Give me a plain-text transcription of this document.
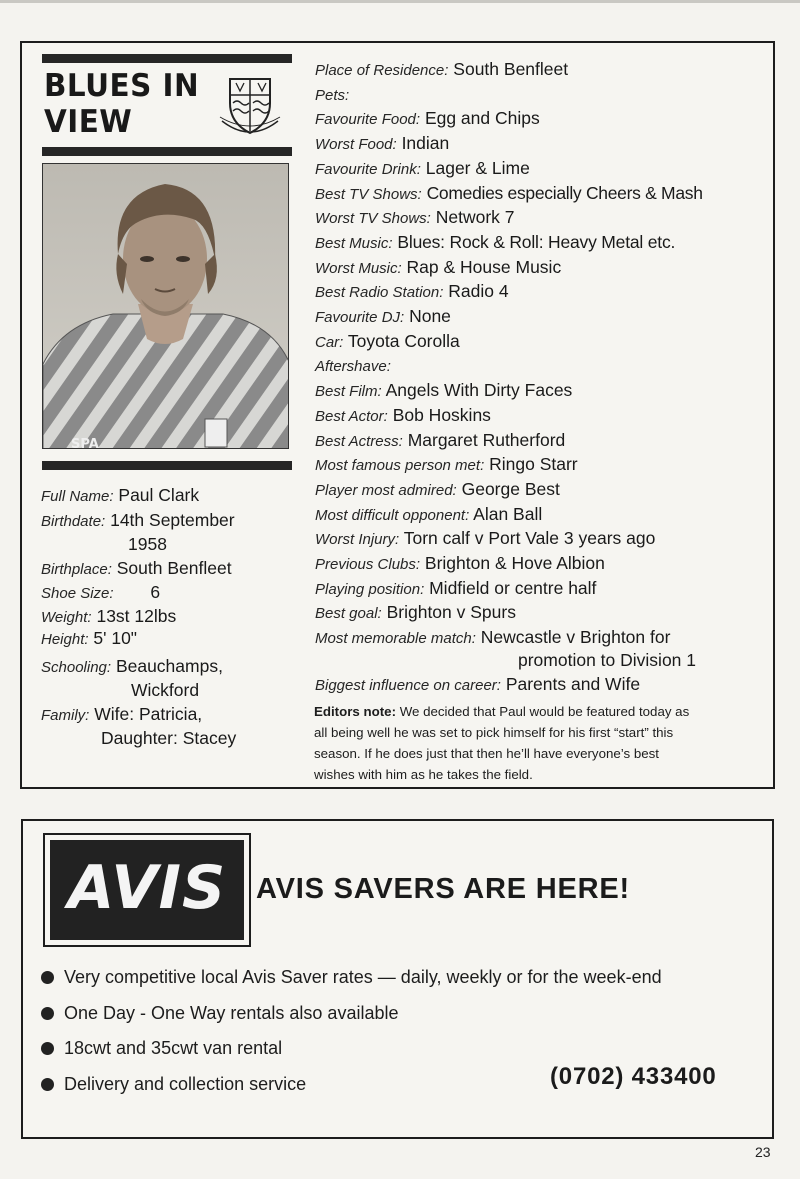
BLUES IN
VIEW
SPA
Full Name: Paul Clark
Birthdate: 14th September
1958
Birthplace: South Benfleet
Shoe Size: 6
Weight: 13st 12lbs
Height: 5' 10"
Schooling: Beauchamps,
Wickford
Family: Wife: Patricia,
Daughter: Stacey
Place of Residence: South Benfleet
Pets:
Favourite Food: Egg and Chips
Worst Food: Indian
Favourite Drink: Lager & Lime
Best TV Shows: Comedies especially Cheers & Mash
Worst TV Shows: Network 7
Best Music: Blues: Rock & Roll: Heavy Metal etc.
Worst Music: Rap & House Music
Best Radio Station: Radio 4
Favourite DJ: None
Car: Toyota Corolla
Aftershave:
Best Film: Angels With Dirty Faces
Best Actor: Bob Hoskins
Best Actress: Margaret Rutherford
Most famous person met: Ringo Starr
Player most admired: George Best
Most difficult opponent: Alan Ball
Worst Injury: Torn calf v Port Vale 3 years ago
Previous Clubs: Brighton & Hove Albion
Playing position: Midfield or centre half
Best goal: Brighton v Spurs
Most memorable match: Newcastle v Brighton for
promotion to Division 1
Biggest influence on career: Parents and Wife
Editors note: We decided that Paul would be featured today as
all being well he was set to pick himself for his first “start” this
season. If he does just that then he’ll have everyone’s best
wishes with him as he takes the field.
AVIS	AVIS SAVERS ARE HERE!
Very competitive local Avis Saver rates — daily, weekly or for the week-end
One Day - One Way rentals also available
18cwt and 35cwt van rental
Delivery and collection service	(0702) 433400
23
